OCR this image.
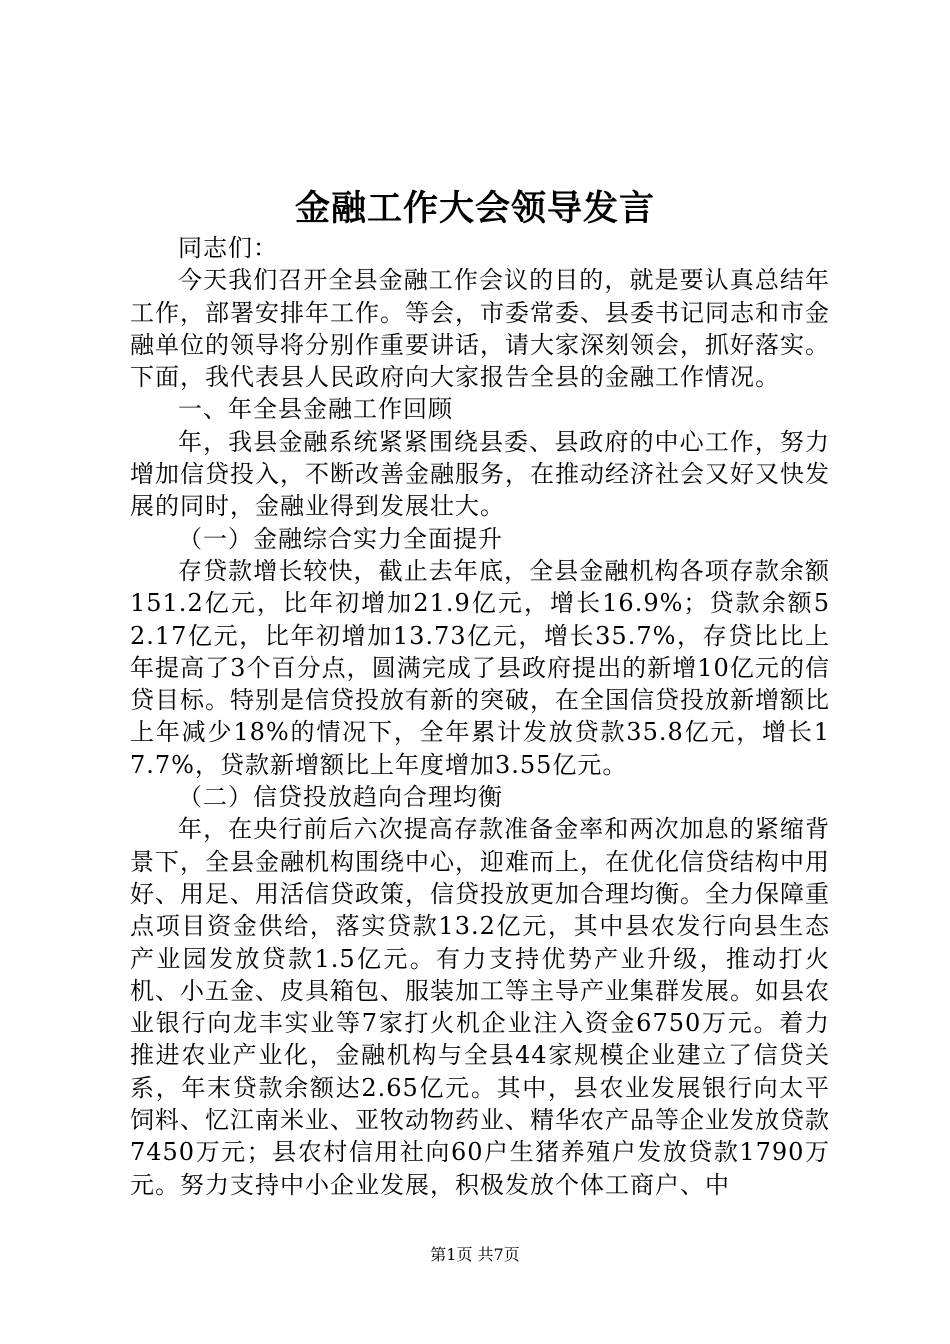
金融工作大会领导发言

同志们：

今天我们召开全县金融工作会议的目的，就是要认真总结年工作，部署安排年工作。等会，市委常委、县委书记同志和市金融单位的领导将分别作重要讲话，请大家深刻领会，抓好落实。下面，我代表县人民政府向大家报告全县的金融工作情况。

一、年全县金融工作回顾

年，我县金融系统紧紧围绕县委、县政府的中心工作，努力增加信贷投入，不断改善金融服务，在推动经济社会又好又快发展的同时，金融业得到发展壮大。

（一）金融综合实力全面提升

存贷款增长较快，截止去年底，全县金融机构各项存款余额151.2亿元，比年初增加21.9亿元，增长16.9%；贷款余额52.17亿元，比年初增加13.73亿元，增长35.7%，存贷比比上年提高了3个百分点，圆满完成了县政府提出的新增10亿元的信贷目标。特别是信贷投放有新的突破，在全国信贷投放新增额比上年减少18%的情况下，全年累计发放贷款35.8亿元，增长17.7%，贷款新增额比上年度增加3.55亿元。

（二）信贷投放趋向合理均衡

年，在央行前后六次提高存款准备金率和两次加息的紧缩背景下，全县金融机构围绕中心，迎难而上，在优化信贷结构中用好、用足、用活信贷政策，信贷投放更加合理均衡。全力保障重点项目资金供给，落实贷款13.2亿元，其中县农发行向县生态产业园发放贷款1.5亿元。有力支持优势产业升级，推动打火机、小五金、皮具箱包、服装加工等主导产业集群发展。如县农业银行向龙丰实业等7家打火机企业注入资金6750万元。着力推进农业产业化，金融机构与全县44家规模企业建立了信贷关系，年末贷款余额达2.65亿元。其中，县农业发展银行向太平饲料、忆江南米业、亚牧动物药业、精华农产品等企业发放贷款7450万元；县农村信用社向60户生猪养殖户发放贷款1790万元。努力支持中小企业发展，积极发放个体工商户、中

第1页 共7页
